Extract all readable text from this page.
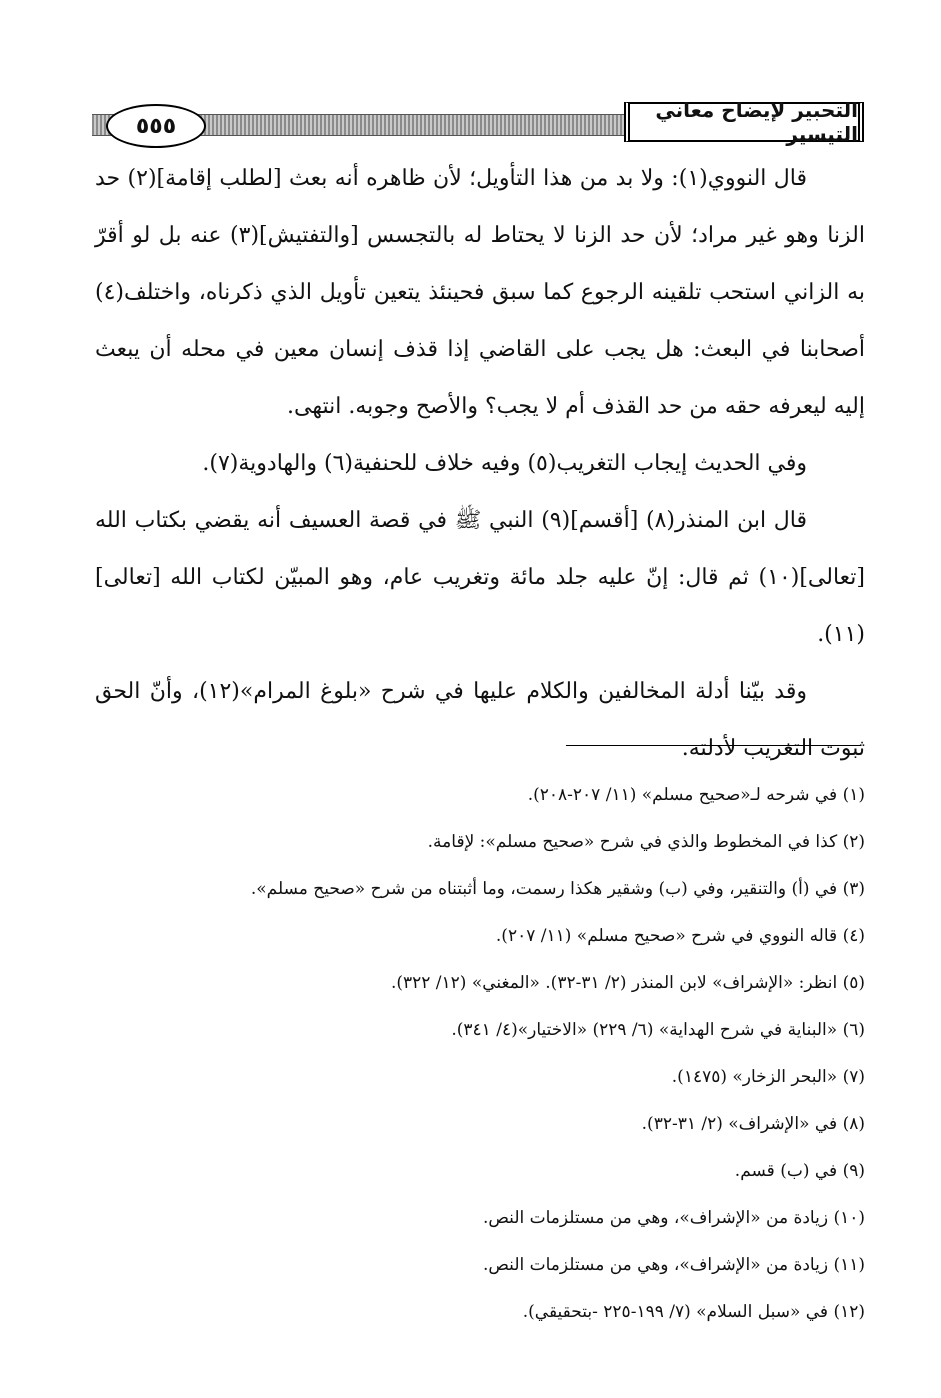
٥٥٥
التحبير لإيضاح معاني التيسير

قال النووي(١): ولا بد من هذا التأويل؛ لأن ظاهره أنه بعث [لطلب إقامة](٢) حد الزنا وهو غير مراد؛ لأن حد الزنا لا يحتاط له بالتجسس [والتفتيش](٣) عنه بل لو أقرّ به الزاني استحب تلقينه الرجوع كما سبق فحينئذ يتعين تأويل الذي ذكرناه، واختلف(٤) أصحابنا في البعث: هل يجب على القاضي إذا قذف إنسان معين في محله أن يبعث إليه ليعرفه حقه من حد القذف أم لا يجب؟ والأصح وجوبه. انتهى.

وفي الحديث إيجاب التغريب(٥) وفيه خلاف للحنفية(٦) والهادوية(٧).

قال ابن المنذر(٨) [أقسم](٩) النبي ﷺ في قصة العسيف أنه يقضي بكتاب الله [تعالى](١٠) ثم قال: إنّ عليه جلد مائة وتغريب عام، وهو المبيّن لكتاب الله [تعالى](١١).

وقد بيّنا أدلة المخالفين والكلام عليها في شرح «بلوغ المرام»(١٢)، وأنّ الحق ثبوت التغريب لأدلته.

(١) في شرحه لـ«صحيح مسلم» (١١/ ٢٠٧-٢٠٨).

(٢) كذا في المخطوط والذي في شرح «صحيح مسلم»: لإقامة.

(٣) في (أ) والتنقير، وفي (ب) وشقير هكذا رسمت، وما أثبتناه من شرح «صحيح مسلم».

(٤) قاله النووي في شرح «صحيح مسلم» (١١/ ٢٠٧).

(٥) انظر: «الإشراف» لابن المنذر (٢/ ٣١-٣٢). «المغني» (١٢/ ٣٢٢).

(٦) «البناية في شرح الهداية» (٦/ ٢٢٩) «الاختيار»(٤/ ٣٤١).

(٧) «البحر الزخار» (١٤٧٥).

(٨) في «الإشراف» (٢/ ٣١-٣٢).

(٩) في (ب) قسم.

(١٠) زيادة من «الإشراف»، وهي من مستلزمات النص.

(١١) زيادة من «الإشراف»، وهي من مستلزمات النص.

(١٢) في «سبل السلام» (٧/ ١٩٩-٢٢٥ -بتحقيقي).
